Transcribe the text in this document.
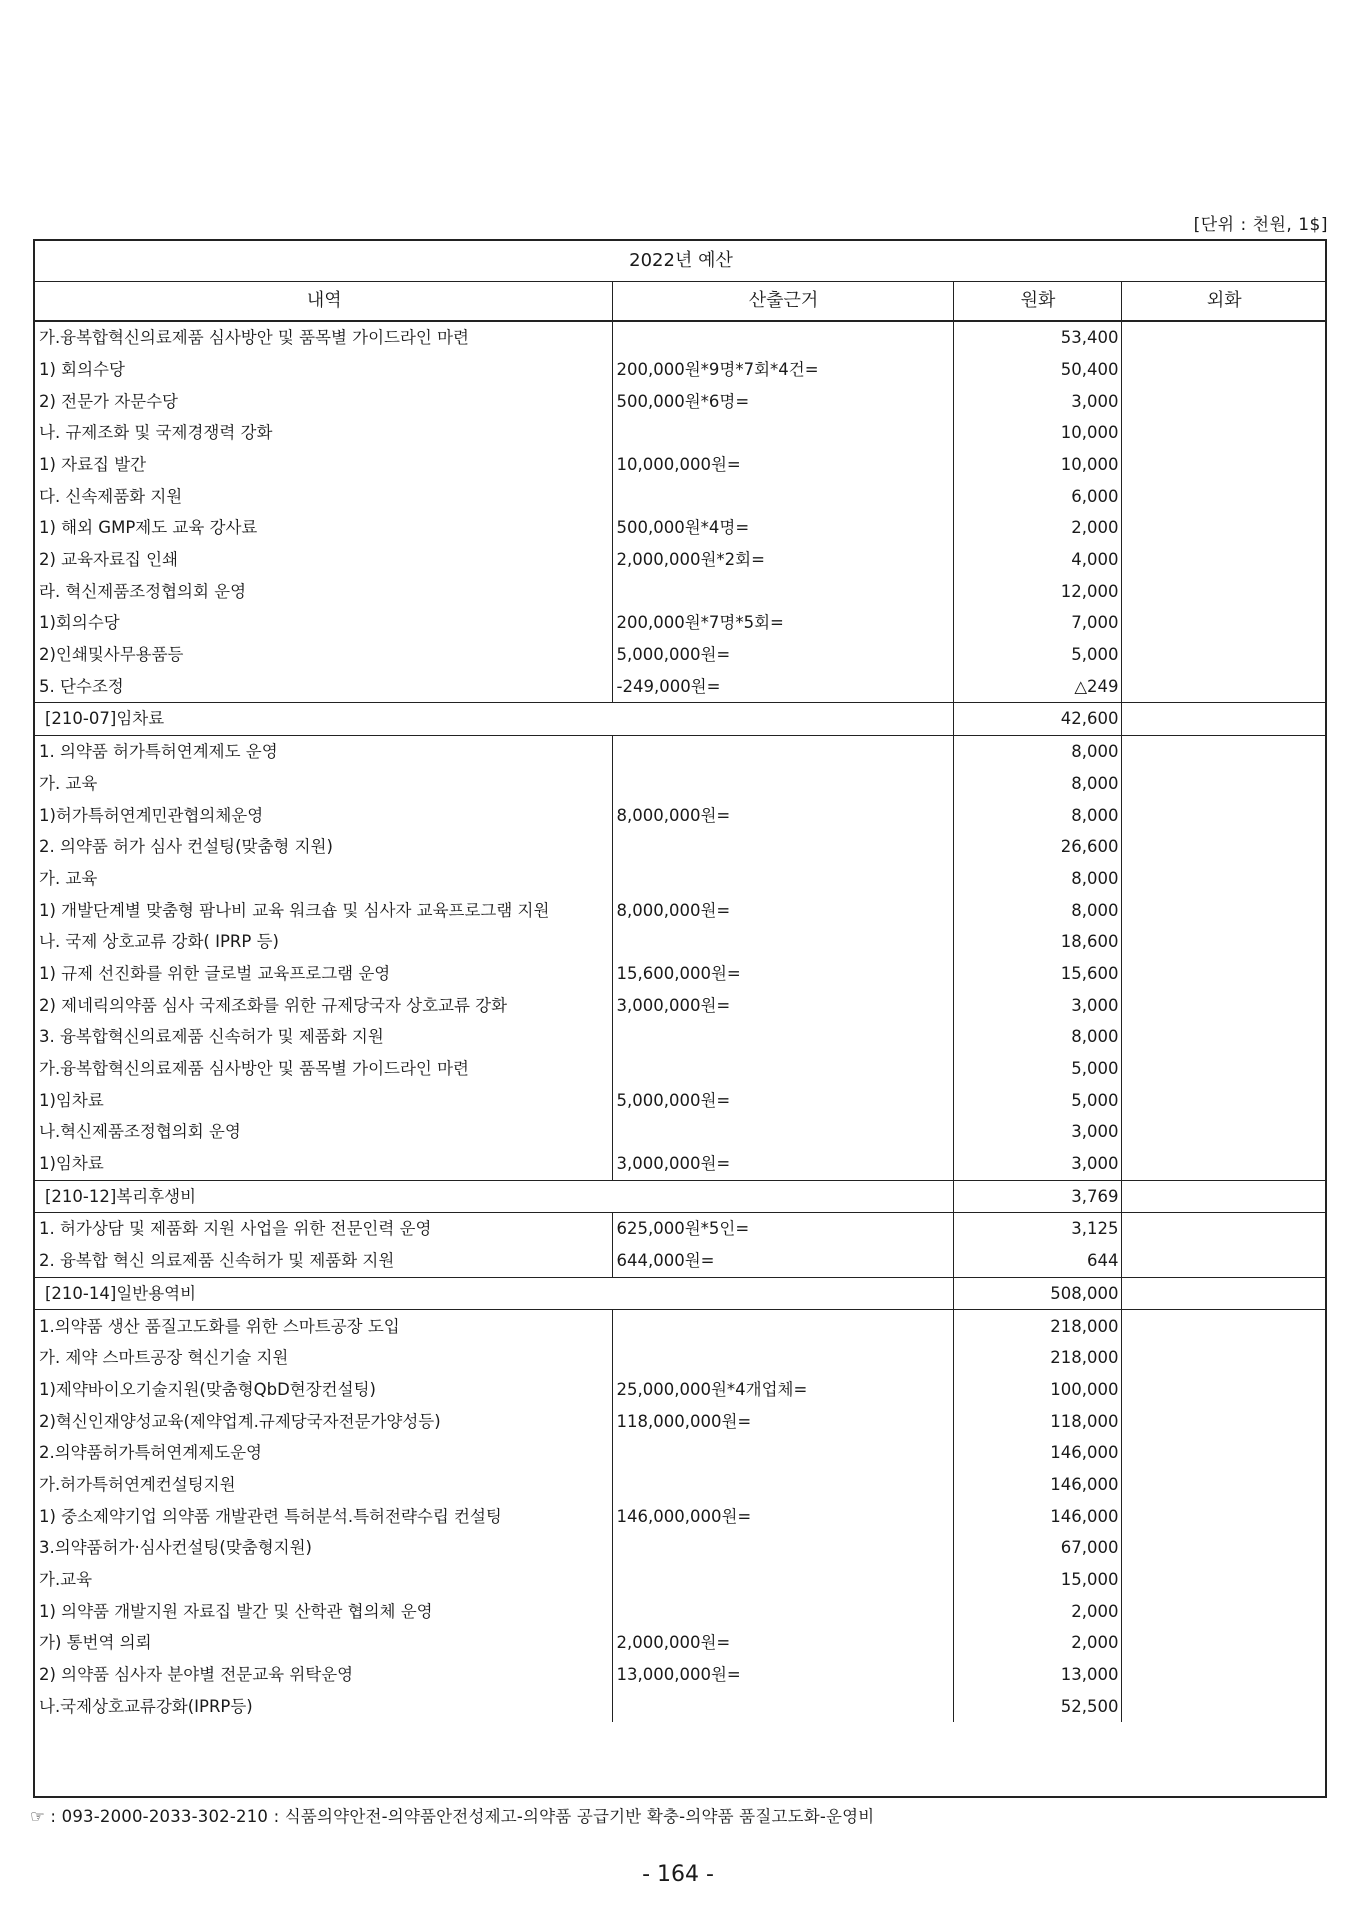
[단위 : 천원, 1$]
2022년 예산			
내역	산출근거	원화	외화
가.융복합혁신의료제품 심사방안 및 품목별 가이드라인 마련		53,400	
1) 회의수당	200,000원*9명*7회*4건=	50,400	
2) 전문가 자문수당	500,000원*6명=	3,000	
나. 규제조화 및 국제경쟁력 강화		10,000	
1) 자료집 발간	10,000,000원=	10,000	
다. 신속제품화 지원		6,000	
1) 해외 GMP제도 교육 강사료	500,000원*4명=	2,000	
2) 교육자료집 인쇄	2,000,000원*2회=	4,000	
라. 혁신제품조정협의회 운영		12,000	
1)회의수당	200,000원*7명*5회=	7,000	
2)인쇄및사무용품등	5,000,000원=	5,000	
5. 단수조정	-249,000원=	△249	
[210-07]임차료		42,600	
1. 의약품 허가특허연계제도 운영		8,000	
가. 교육		8,000	
1)허가특허연계민관협의체운영	8,000,000원=	8,000	
2. 의약품 허가 심사 컨설팅(맞춤형 지원)		26,600	
가. 교육		8,000	
1) 개발단계별 맞춤형 팜나비 교육 워크숍 및 심사자 교육프로그램 지원	8,000,000원=	8,000	
나. 국제 상호교류 강화( IPRP 등)		18,600	
1) 규제 선진화를 위한 글로벌 교육프로그램 운영	15,600,000원=	15,600	
2) 제네릭의약품 심사 국제조화를 위한 규제당국자 상호교류 강화	3,000,000원=	3,000	
3. 융복합혁신의료제품 신속허가 및 제품화 지원		8,000	
가.융복합혁신의료제품 심사방안 및 품목별 가이드라인 마련		5,000	
1)임차료	5,000,000원=	5,000	
나.혁신제품조정협의회 운영		3,000	
1)임차료	3,000,000원=	3,000	
[210-12]복리후생비		3,769	
1. 허가상담 및 제품화 지원 사업을 위한 전문인력 운영	625,000원*5인=	3,125	
2. 융복합 혁신 의료제품 신속허가 및 제품화 지원	644,000원=	644	
[210-14]일반용역비		508,000	
1.의약품 생산 품질고도화를 위한 스마트공장 도입		218,000	
가. 제약 스마트공장 혁신기술 지원		218,000	
1)제약바이오기술지원(맞춤형QbD현장컨설팅)	25,000,000원*4개업체=	100,000	
2)혁신인재양성교육(제약업계.규제당국자전문가양성등)	118,000,000원=	118,000	
2.의약품허가특허연계제도운영		146,000	
가.허가특허연계컨설팅지원		146,000	
1) 중소제약기업 의약품 개발관련 특허분석.특허전략수립 컨설팅	146,000,000원=	146,000	
3.의약품허가·심사컨설팅(맞춤형지원)		67,000	
가.교육		15,000	
1) 의약품 개발지원 자료집 발간 및 산학관 협의체 운영		2,000	
가) 통번역 의뢰	2,000,000원=	2,000	
2) 의약품 심사자 분야별 전문교육 위탁운영	13,000,000원=	13,000	
나.국제상호교류강화(IPRP등)		52,500	
☞ : 093-2000-2033-302-210 : 식품의약안전-의약품안전성제고-의약품 공급기반 확충-의약품 품질고도화-운영비
- 164 -
